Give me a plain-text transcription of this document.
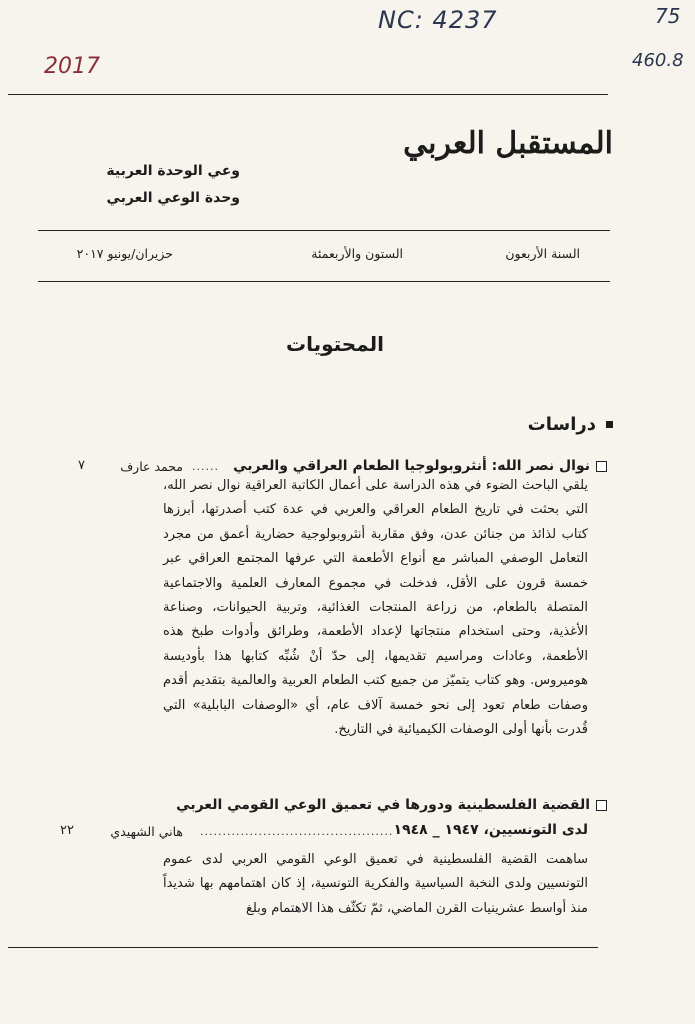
NC: 4237
2017
75
460.8
المستقبل العربي
وعي الوحدة العربية
وحدة الوعي العربي
السنة الأربعون
الستون والأربعمئة
حزيران/يونيو ٢٠١٧
المحتويات
دراسات
نوال نصر الله: أنثروبولوجيا الطعام العراقي والعربي
......
محمد عارف
٧

يلقي الباحث الضوء في هذه الدراسة على أعمال الكاتبة العراقية نوال نصر الله، التي بحثت في تاريخ الطعام العراقي والعربي في عدة كتب أصدرتها، أبرزها كتاب لذائذ من جنائن عدن، وفق مقاربة أنثروبولوجية حضارية أعمق من مجرد التعامل الوصفي المباشر مع أنواع الأطعمة التي عرفها المجتمع العراقي عبر خمسة قرون على الأقل، فدخلت في مجموع المعارف العلمية والاجتماعية المتصلة بالطعام، من زراعة المنتجات الغذائية، وتربية الحيوانات، وصناعة الأغذية، وحتى استخدام منتجاتها لإعداد الأطعمة، وطرائق وأدوات طبخ هذه الأطعمة، وعادات ومراسيم تقديمها، إلى حدّ أنْ شُبِّه كتابها هذا بأوديسة هوميروس. وهو كتاب يتميّز من جميع كتب الطعام العربية والعالمية بتقديم أقدم وصفات طعام تعود إلى نحو خمسة آلاف عام، أي «الوصفات البابلية» التي قُدرت بأنها أولى الوصفات الكيميائية في التاريخ.

القضية الفلسطينية ودورها في تعميق الوعي القومي العربي
لدى التونسيين، ١٩٤٧ _ ١٩٤٨
...........................................
هاني الشهيدي
٢٢

ساهمت القضية الفلسطينية في تعميق الوعي القومي العربي لدى عموم التونسيين ولدى النخبة السياسية والفكرية التونسية، إذ كان اهتمامهم بها شديداً منذ أواسط عشرينيات القرن الماضي، ثمّ تكثّف هذا الاهتمام وبلغ
